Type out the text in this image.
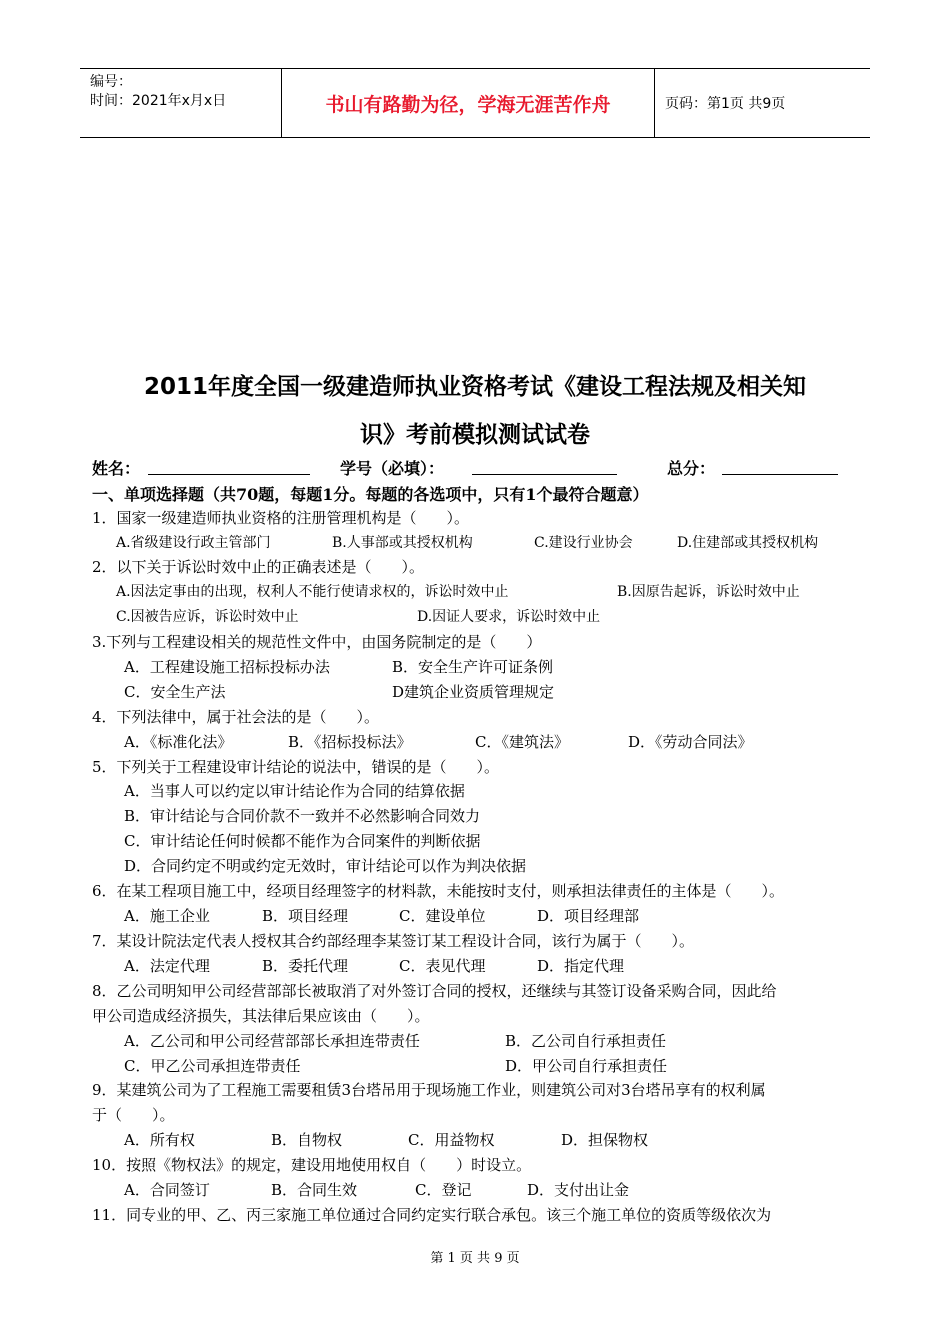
编号：
时间：2021年x月x日	书山有路勤为径，学海无涯苦作舟	页码：第1页 共9页
2011年度全国一级建造师执业资格考试《建设工程法规及相关知
识》考前模拟测试试卷
姓名：	学号（必填）：	总分：
一、单项选择题（共70题，每题1分。每题的各选项中，只有1个最符合题意）
1．国家一级建造师执业资格的注册管理机构是（　　）。
A.省级建设行政主管部门	B.人事部或其授权机构	C.建设行业协会	D.住建部或其授权机构
2．以下关于诉讼时效中止的正确表述是（　　）。
A.因法定事由的出现，权利人不能行使请求权的，诉讼时效中止	B.因原告起诉，诉讼时效中止
C.因被告应诉，诉讼时效中止	D.因证人要求，诉讼时效中止
3.下列与工程建设相关的规范性文件中，由国务院制定的是（　　）
A．工程建设施工招标投标办法	B．安全生产许可证条例
C．安全生产法	D建筑企业资质管理规定
4．下列法律中，属于社会法的是（　　）。
A．《标准化法》	B．《招标投标法》	C．《建筑法》	D．《劳动合同法》
5．下列关于工程建设审计结论的说法中，错误的是（　　）。
A．当事人可以约定以审计结论作为合同的结算依据
B．审计结论与合同价款不一致并不必然影响合同效力
C．审计结论任何时候都不能作为合同案件的判断依据
D．合同约定不明或约定无效时，审计结论可以作为判决依据
6．在某工程项目施工中，经项目经理签字的材料款，未能按时支付，则承担法律责任的主体是（　　）。
A．施工企业	B．项目经理	C．建设单位	D．项目经理部
7．某设计院法定代表人授权其合约部经理李某签订某工程设计合同，该行为属于（　　）。
A．法定代理	B．委托代理	C．表见代理	D．指定代理
8．乙公司明知甲公司经营部部长被取消了对外签订合同的授权，还继续与其签订设备采购合同，因此给
甲公司造成经济损失，其法律后果应该由（　　）。
A．乙公司和甲公司经营部部长承担连带责任	B．乙公司自行承担责任
C．甲乙公司承担连带责任	D．甲公司自行承担责任
9．某建筑公司为了工程施工需要租赁3台塔吊用于现场施工作业，则建筑公司对3台塔吊享有的权利属
于（　　）。
A．所有权	B．自物权	C．用益物权	D．担保物权
10．按照《物权法》的规定，建设用地使用权自（　　）时设立。
A．合同签订	B．合同生效	C．登记	D．支付出让金
11．同专业的甲、乙、丙三家施工单位通过合同约定实行联合承包。该三个施工单位的资质等级依次为
第 1 页 共 9 页
